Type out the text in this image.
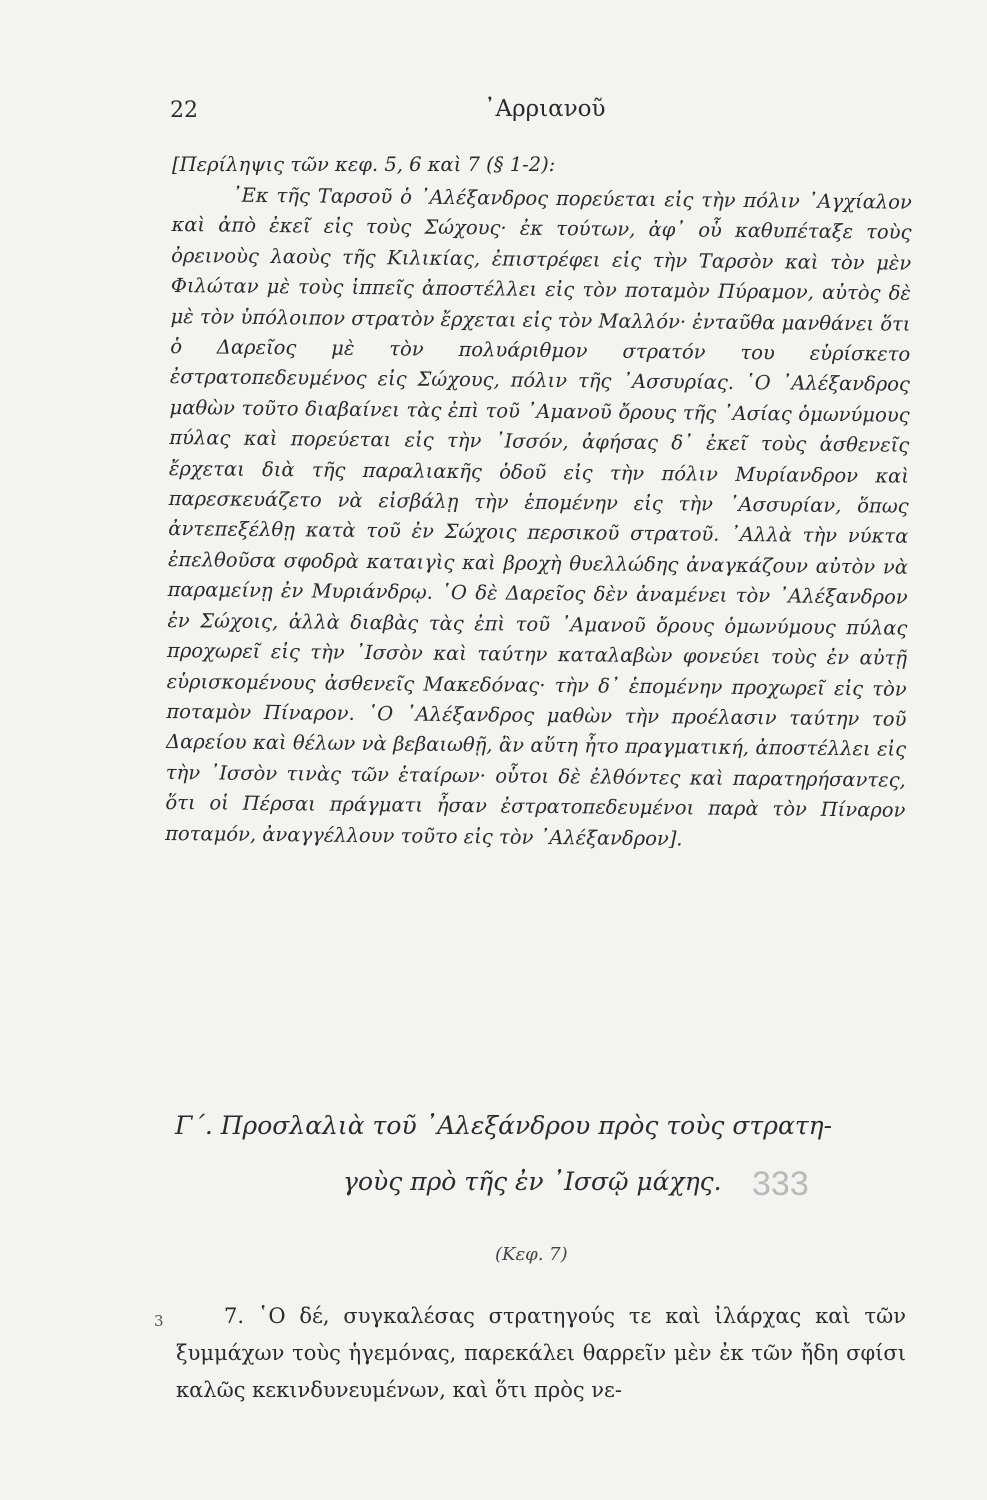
22	᾿Αρριανοῦ

[Περίληψις τῶν κεφ. 5, 6 καὶ 7 (§ 1-2):

᾿Εκ τῆς Ταρσοῦ ὁ ᾿Αλέξανδρος πορεύεται εἰς τὴν πόλιν ᾿Αγχίαλον καὶ ἀπὸ ἐκεῖ εἰς τοὺς Σώχους· ἐκ τούτων, ἀφ᾿ οὗ καθυπέταξε τοὺς ὀρεινοὺς λαοὺς τῆς Κιλικίας, ἐπιστρέφει εἰς τὴν Ταρσὸν καὶ τὸν μὲν Φιλώταν μὲ τοὺς ἱππεῖς ἀποστέλλει εἰς τὸν ποταμὸν Πύραμον, αὐτὸς δὲ μὲ τὸν ὑπόλοιπον στρατὸν ἔρχεται εἰς τὸν Μαλλόν· ἐνταῦθα μανθάνει ὅτι ὁ Δαρεῖος μὲ τὸν πολυάριθμον στρατόν του εὑρίσκετο ἐστρατοπεδευμένος εἰς Σώχους, πόλιν τῆς ᾿Ασσυρίας. ῾Ο ᾿Αλέξανδρος μαθὼν τοῦτο διαβαίνει τὰς ἐπὶ τοῦ ᾿Αμανοῦ ὄρους τῆς ᾿Ασίας ὁμωνύμους πύλας καὶ πορεύεται εἰς τὴν ᾿Ισσόν, ἀφήσας δ᾿ ἐκεῖ τοὺς ἀσθενεῖς ἔρχεται διὰ τῆς παραλιακῆς ὁδοῦ εἰς τὴν πόλιν Μυρίανδρον καὶ παρεσκευάζετο νὰ εἰσβάλῃ τὴν ἑπομένην εἰς τὴν ᾿Ασσυρίαν, ὅπως ἀντεπεξέλθῃ κατὰ τοῦ ἐν Σώχοις περσικοῦ στρατοῦ. ᾿Αλλὰ τὴν νύκτα ἐπελθοῦσα σφοδρὰ καταιγὶς καὶ βροχὴ θυελλώδης ἀναγκάζουν αὐτὸν νὰ παραμείνῃ ἐν Μυριάνδρῳ. ῾Ο δὲ Δαρεῖος δὲν ἀναμένει τὸν ᾿Αλέξανδρον ἐν Σώχοις, ἀλλὰ διαβὰς τὰς ἐπὶ τοῦ ᾿Αμανοῦ ὄρους ὁμωνύμους πύλας προχωρεῖ εἰς τὴν ᾿Ισσὸν καὶ ταύτην καταλαβὼν φονεύει τοὺς ἐν αὐτῇ εὑρισκομένους ἀσθενεῖς Μακεδόνας· τὴν δ᾿ ἑπομένην προχωρεῖ εἰς τὸν ποταμὸν Πίναρον. ῾Ο ᾿Αλέξανδρος μαθὼν τὴν προέλασιν ταύτην τοῦ Δαρείου καὶ θέλων νὰ βεβαιωθῇ, ἂν αὕτη ἦτο πραγματική, ἀποστέλλει εἰς τὴν ᾿Ισσὸν τινὰς τῶν ἑταίρων· οὗτοι δὲ ἐλθόντες καὶ παρατηρήσαντες, ὅτι οἱ Πέρσαι πράγματι ἦσαν ἐστρατοπεδευμένοι παρὰ τὸν Πίναρον ποταμόν, ἀναγγέλλουν τοῦτο εἰς τὸν ᾿Αλέξανδρον].

Γ΄. Προσλαλιὰ τοῦ ᾿Αλεξάνδρου πρὸς τοὺς στρατη-
γοὺς πρὸ τῆς ἐν ᾿Ισσῷ μάχης. 333
(Κεφ. 7)
3	7. ῾Ο δέ, συγκαλέσας στρατηγούς τε καὶ ἰλάρχας καὶ τῶν ξυμμάχων τοὺς ἡγεμόνας, παρεκάλει θαρρεῖν μὲν ἐκ τῶν ἤδη σφίσι καλῶς κεκινδυνευμένων, καὶ ὅτι πρὸς νε-
